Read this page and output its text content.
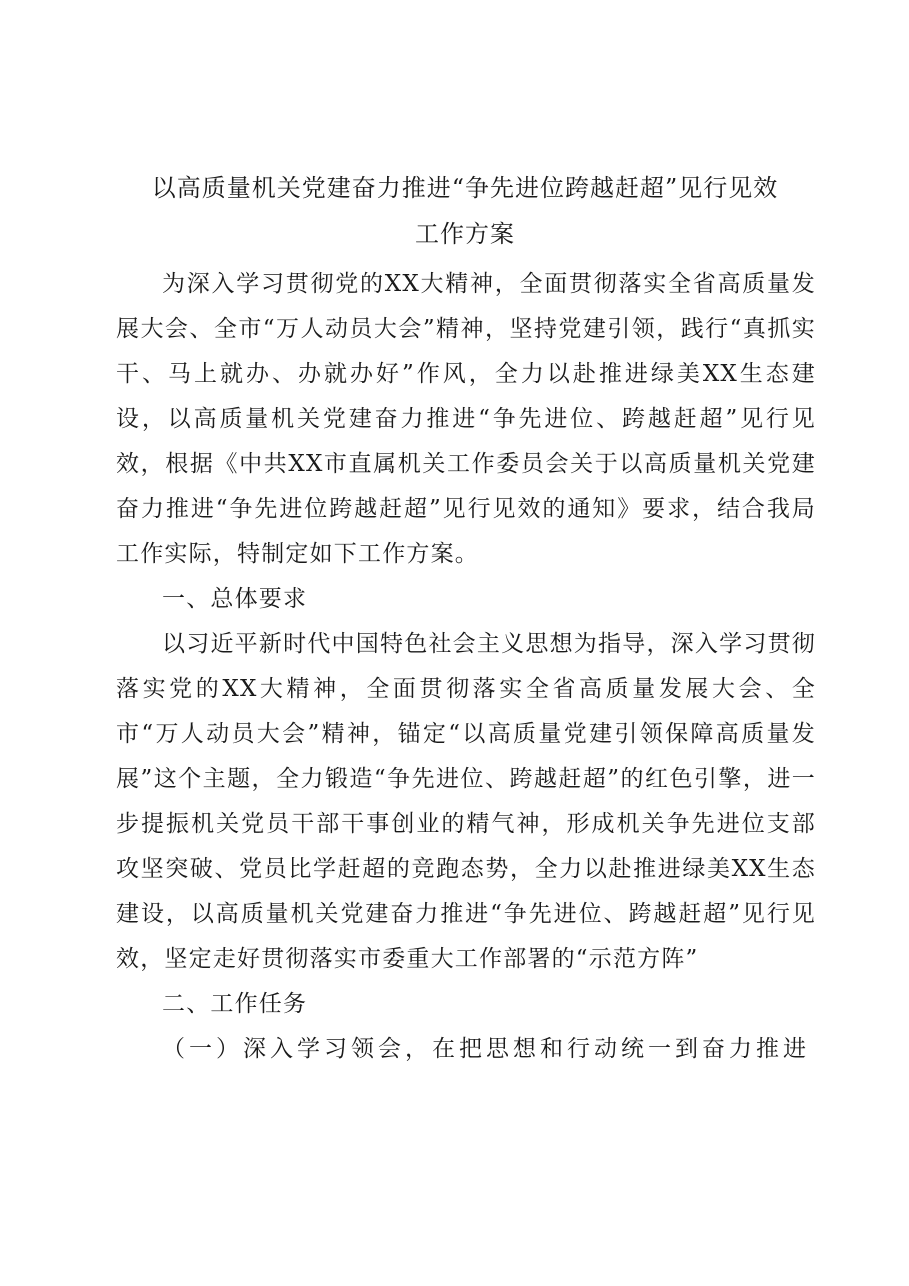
以高质量机关党建奋力推进“争先进位跨越赶超”见行见效
工作方案

为深入学习贯彻党的XX大精神，全面贯彻落实全省高质量发展大会、全市“万人动员大会”精神，坚持党建引领，践行“真抓实干、马上就办、办就办好”作风，全力以赴推进绿美XX生态建设，以高质量机关党建奋力推进“争先进位、跨越赶超”见行见效，根据《中共XX市直属机关工作委员会关于以高质量机关党建奋力推进“争先进位跨越赶超”见行见效的通知》要求，结合我局工作实际，特制定如下工作方案。

一、总体要求

以习近平新时代中国特色社会主义思想为指导，深入学习贯彻落实党的XX大精神，全面贯彻落实全省高质量发展大会、全市“万人动员大会”精神，锚定“以高质量党建引领保障高质量发展”这个主题，全力锻造“争先进位、跨越赶超”的红色引擎，进一步提振机关党员干部干事创业的精气神，形成机关争先进位支部攻坚突破、党员比学赶超的竞跑态势，全力以赴推进绿美XX生态建设，以高质量机关党建奋力推进“争先进位、跨越赶超”见行见效，坚定走好贯彻落实市委重大工作部署的“示范方阵”

二、工作任务

（一）深入学习领会，在把思想和行动统一到奋力推进
